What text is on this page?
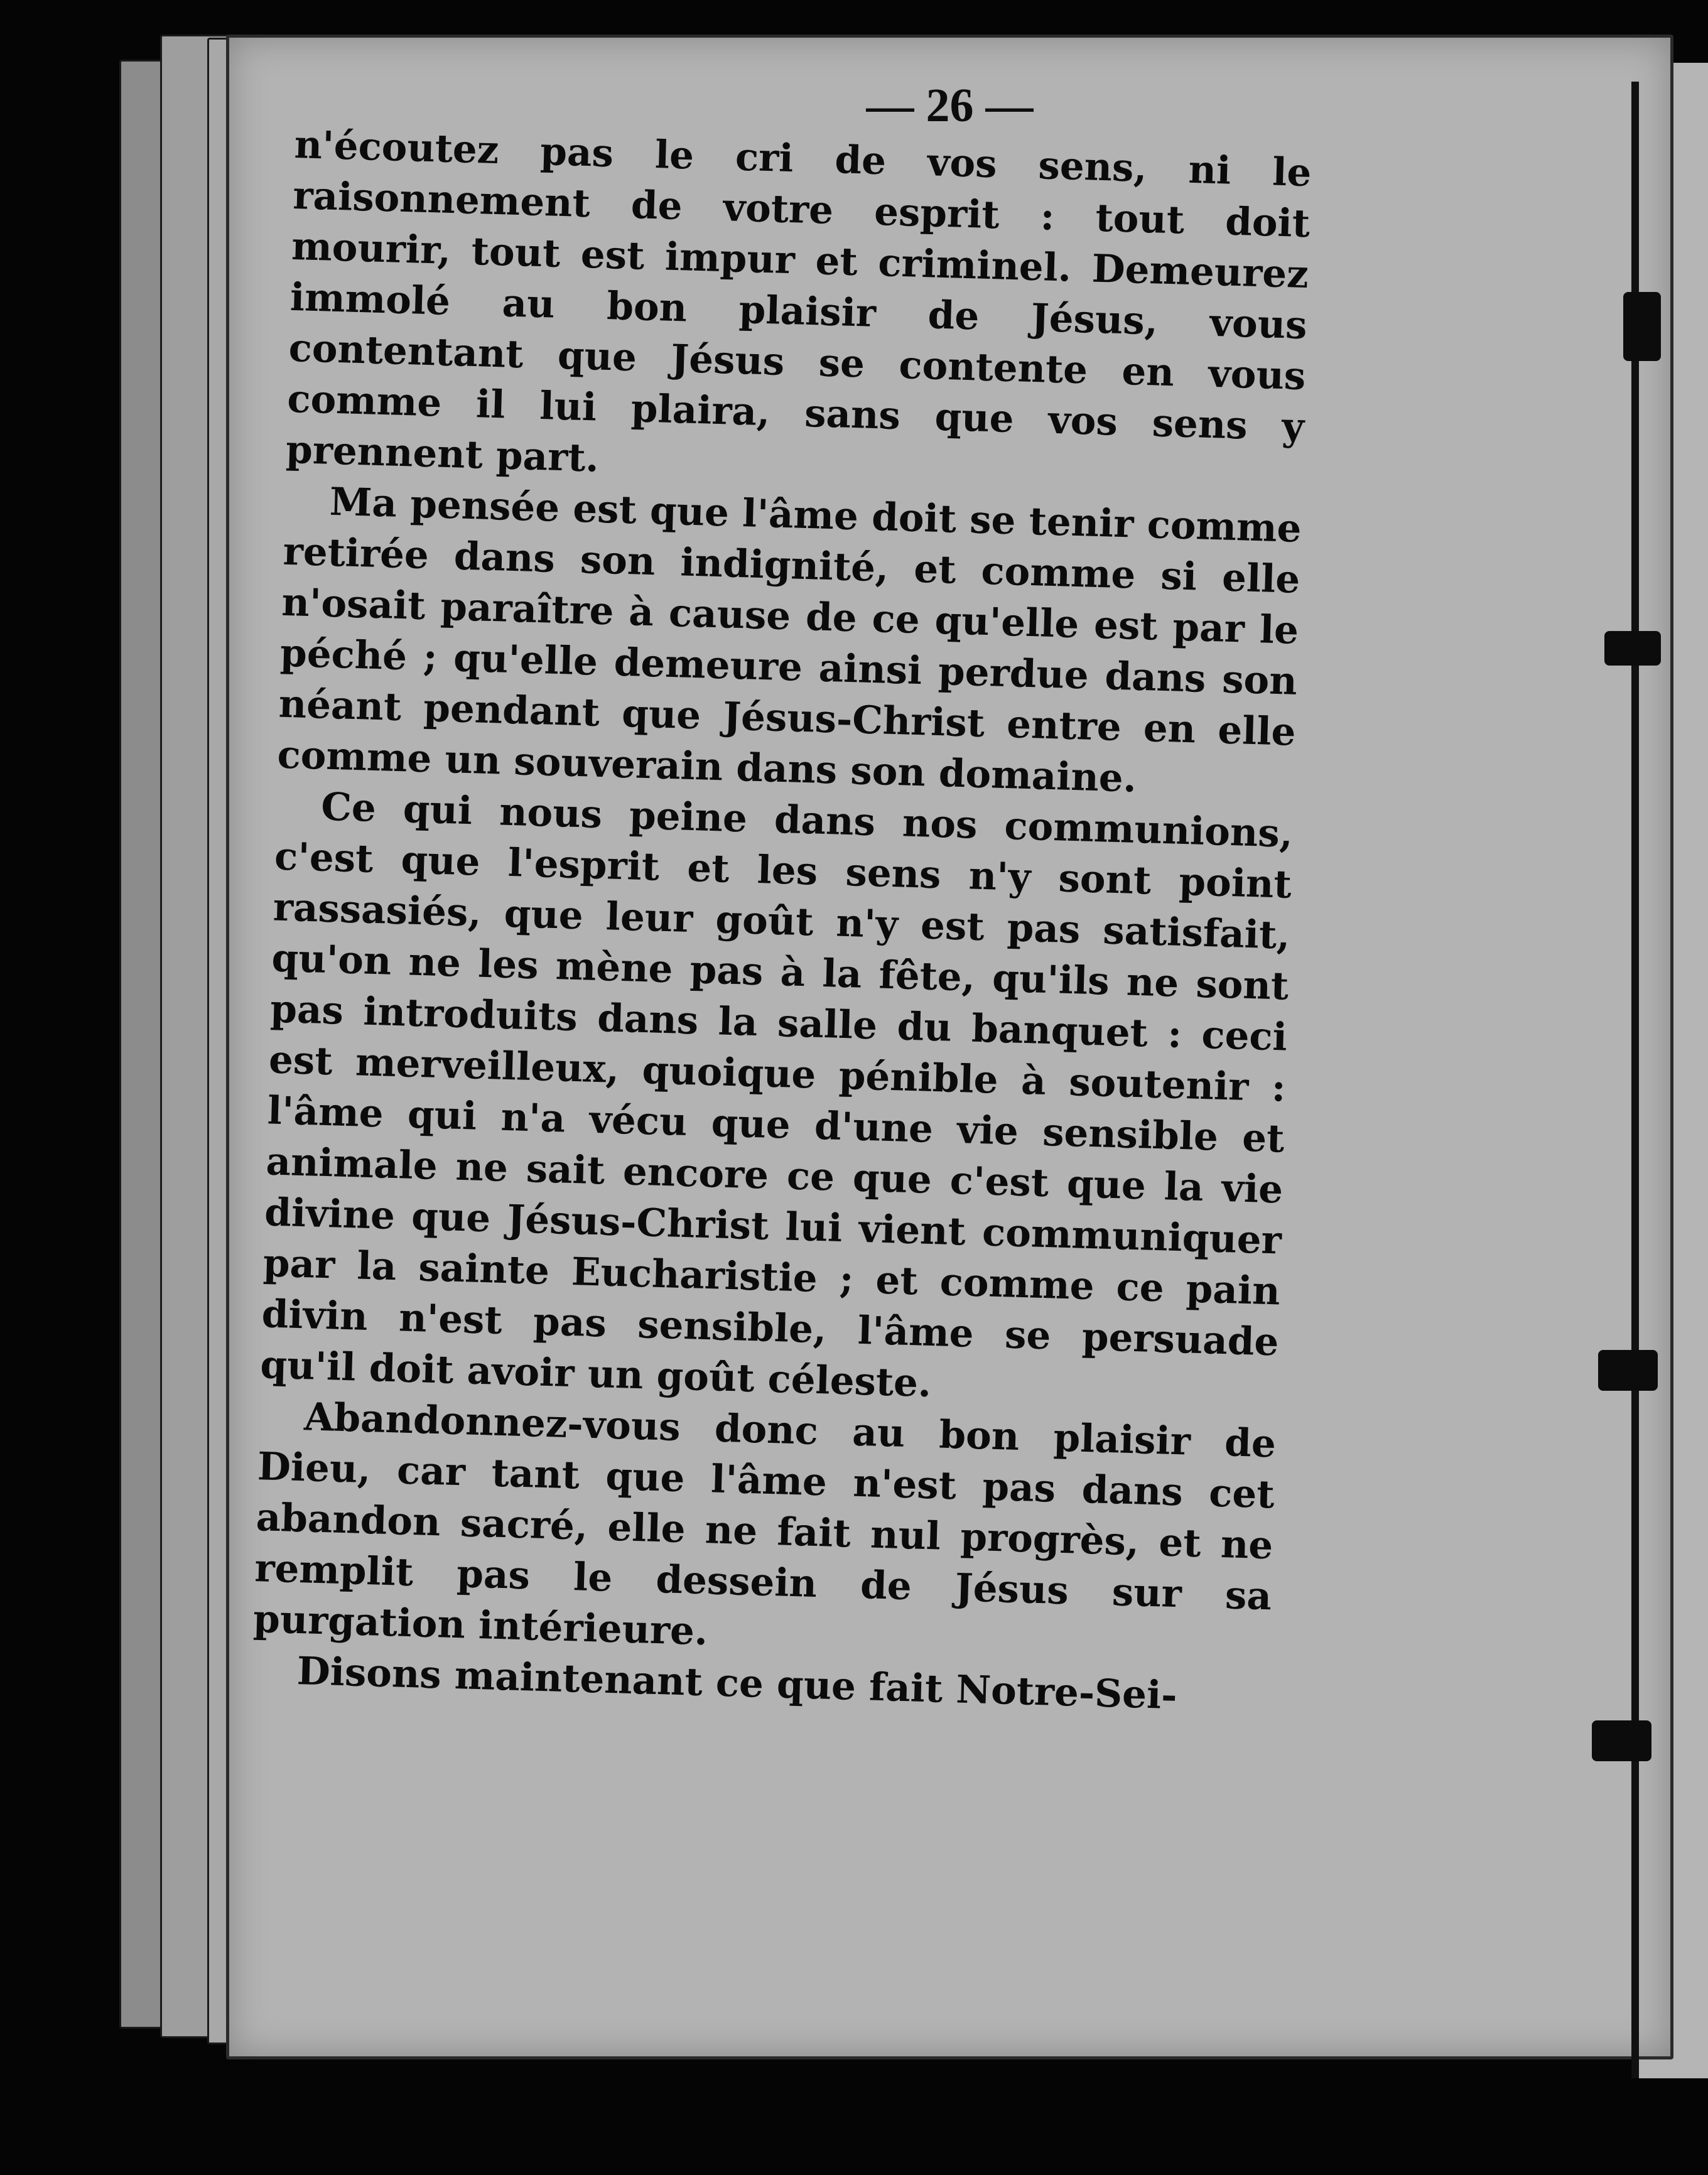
— 26 —

n'écoutez pas le cri de vos sens, ni le raisonnement de votre esprit : tout doit mourir, tout est impur et criminel. Demeurez immolé au bon plaisir de Jésus, vous contentant que Jésus se contente en vous comme il lui plaira, sans que vos sens y prennent part.

Ma pensée est que l'âme doit se tenir comme retirée dans son indignité, et comme si elle n'osait paraître à cause de ce qu'elle est par le péché ; qu'elle demeure ainsi perdue dans son néant pendant que Jésus-Christ entre en elle comme un souverain dans son domaine.

Ce qui nous peine dans nos communions, c'est que l'esprit et les sens n'y sont point rassasiés, que leur goût n'y est pas satisfait, qu'on ne les mène pas à la fête, qu'ils ne sont pas introduits dans la salle du banquet : ceci est merveilleux, quoique pénible à soutenir : l'âme qui n'a vécu que d'une vie sensible et animale ne sait encore ce que c'est que la vie divine que Jésus-Christ lui vient communiquer par la sainte Eucharistie ; et comme ce pain divin n'est pas sensible, l'âme se persuade qu'il doit avoir un goût céleste.

Abandonnez-vous donc au bon plaisir de Dieu, car tant que l'âme n'est pas dans cet abandon sacré, elle ne fait nul progrès, et ne remplit pas le dessein de Jésus sur sa purgation intérieure.

Disons maintenant ce que fait Notre-Sei-
